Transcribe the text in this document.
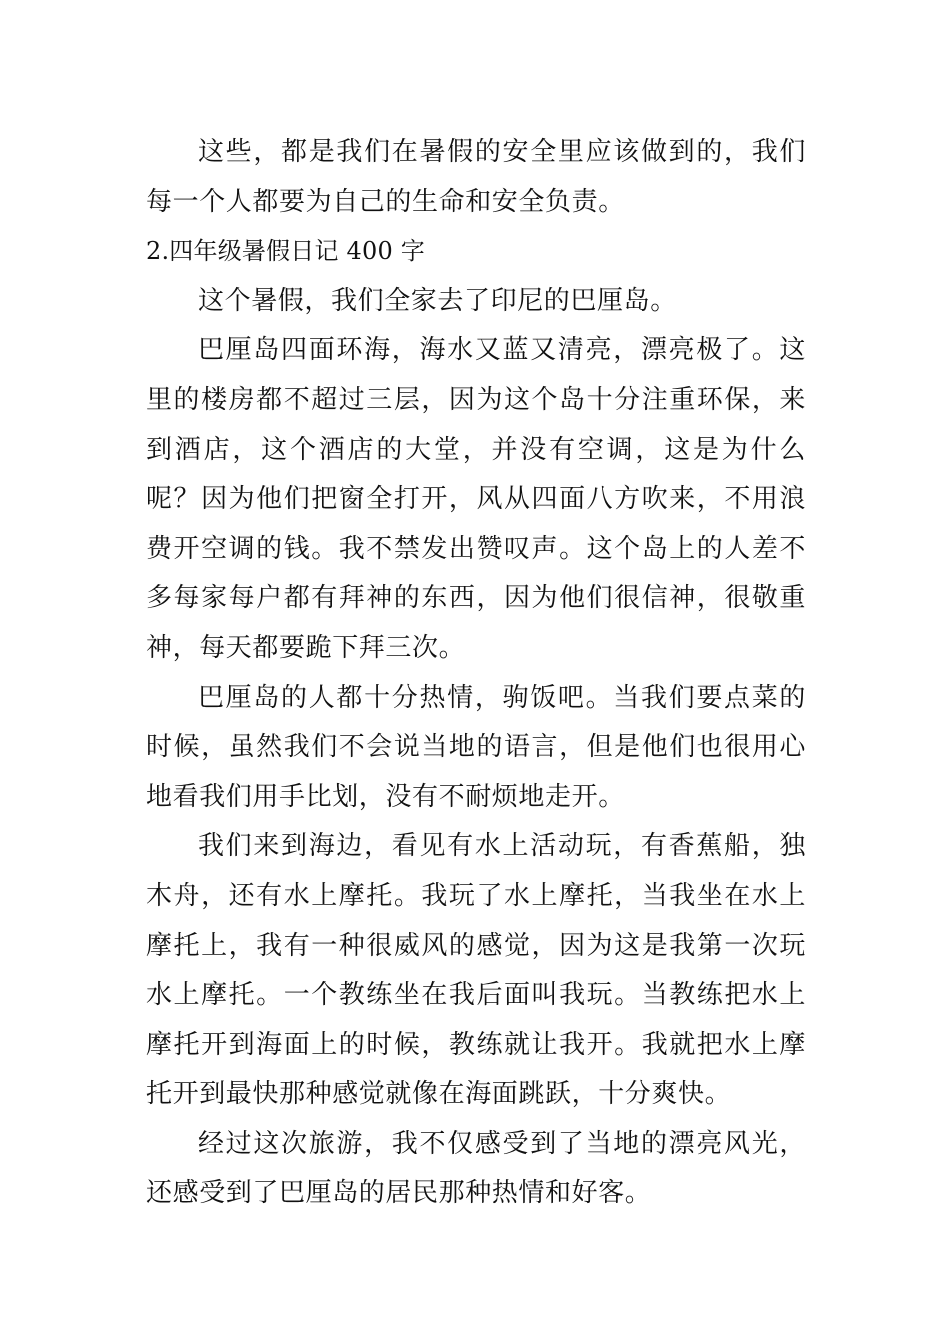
这些，都是我们在暑假的安全里应该做到的，我们每一个人都要为自己的生命和安全负责。

2.四年级暑假日记 400 字

这个暑假，我们全家去了印尼的巴厘岛。

巴厘岛四面环海，海水又蓝又清亮，漂亮极了。这里的楼房都不超过三层，因为这个岛十分注重环保，来到酒店，这个酒店的大堂，并没有空调，这是为什么呢？因为他们把窗全打开，风从四面八方吹来，不用浪费开空调的钱。我不禁发出赞叹声。这个岛上的人差不多每家每户都有拜神的东西，因为他们很信神，很敬重神，每天都要跪下拜三次。

巴厘岛的人都十分热情，驹饭吧。当我们要点菜的时候，虽然我们不会说当地的语言，但是他们也很用心地看我们用手比划，没有不耐烦地走开。

我们来到海边，看见有水上活动玩，有香蕉船，独木舟，还有水上摩托。我玩了水上摩托，当我坐在水上摩托上，我有一种很威风的感觉，因为这是我第一次玩水上摩托。一个教练坐在我后面叫我玩。当教练把水上摩托开到海面上的时候，教练就让我开。我就把水上摩托开到最快那种感觉就像在海面跳跃，十分爽快。

经过这次旅游，我不仅感受到了当地的漂亮风光，还感受到了巴厘岛的居民那种热情和好客。
